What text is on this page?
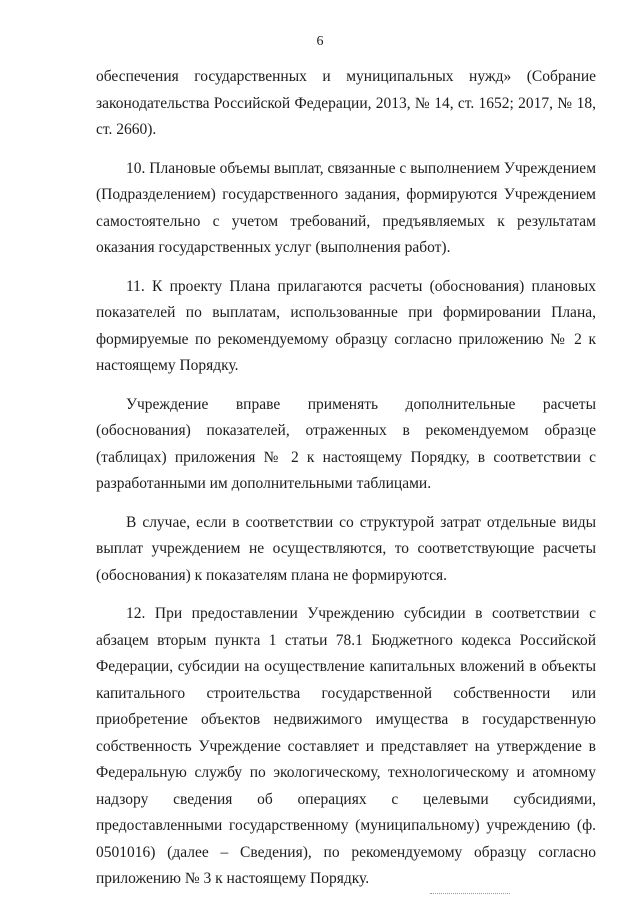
6

обеспечения государственных и муниципальных нужд» (Собрание законодательства Российской Федерации, 2013, № 14, ст. 1652; 2017, № 18, ст. 2660).

10. Плановые объемы выплат, связанные с выполнением Учреждением (Подразделением) государственного задания, формируются Учреждением самостоятельно с учетом требований, предъявляемых к результатам оказания государственных услуг (выполнения работ).

11. К проекту Плана прилагаются расчеты (обоснования) плановых показателей по выплатам, использованные при формировании Плана, формируемые по рекомендуемому образцу согласно приложению № 2 к настоящему Порядку.

Учреждение вправе применять дополнительные расчеты (обоснования) показателей, отраженных в рекомендуемом образце (таблицах) приложения № 2 к настоящему Порядку, в соответствии с разработанными им дополнительными таблицами.

В случае, если в соответствии со структурой затрат отдельные виды выплат учреждением не осуществляются, то соответствующие расчеты (обоснования) к показателям плана не формируются.

12. При предоставлении Учреждению субсидии в соответствии с абзацем вторым пункта 1 статьи 78.1 Бюджетного кодекса Российской Федерации, субсидии на осуществление капитальных вложений в объекты капитального строительства государственной собственности или приобретение объектов недвижимого имущества в государственную собственность Учреждение составляет и представляет на утверждение в Федеральную службу по экологическому, технологическому и атомному надзору сведения об операциях с целевыми субсидиями, предоставленными государственному (муниципальному) учреждению (ф. 0501016) (далее – Сведения), по рекомендуемому образцу согласно приложению № 3 к настоящему Порядку.
